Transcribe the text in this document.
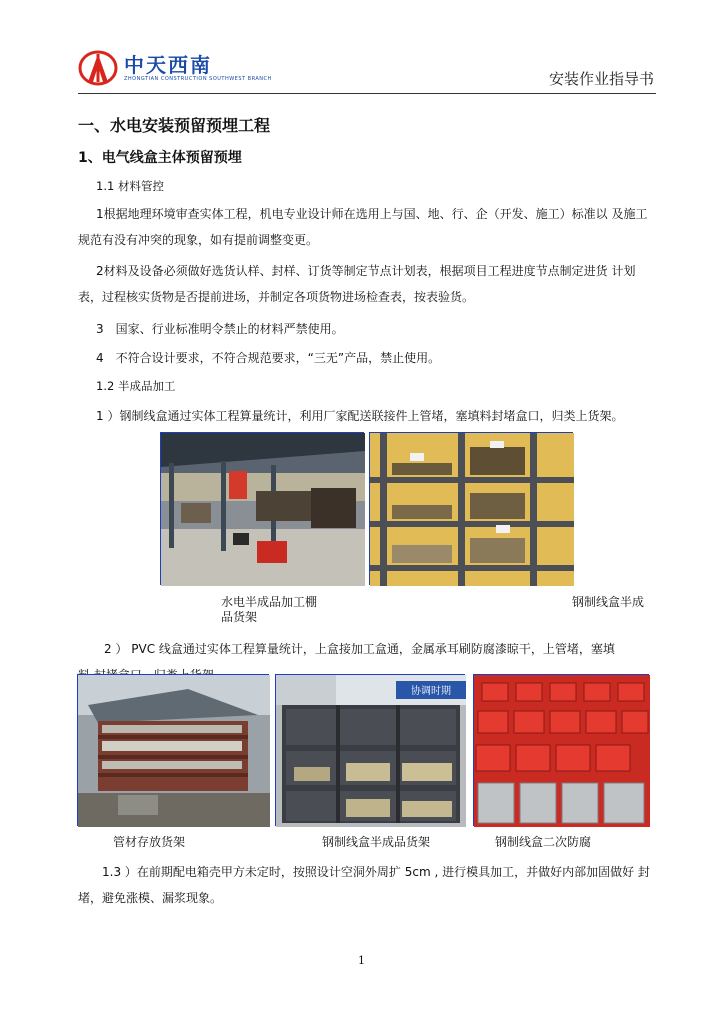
中天西南
ZHONGTIAN CONSTRUCTION SOUTHWEST BRANCH	安装作业指导书
一、水电安装预留预埋工程
1、电气线盒主体预留预埋
1.1 材料管控
1根据地理环境审查实体工程，机电专业设计师在选用上与国、地、行、企（开发、施工）标准以 及施工规范有没有冲突的现象，如有提前调整变更。
2材料及设备必须做好选货认样、封样、订货等制定节点计划表，根据项目工程进度节点制定进货 计划表，过程核实货物是否提前进场，并制定各项货物进场检查表，按表验货。
3　国家、行业标准明令禁止的材料严禁使用。
4　不符合设计要求，不符合规范要求，“三无”产品，禁止使用。
1.2 半成品加工
1 ）钢制线盒通过实体工程算量统计，利用厂家配送联接件上管堵，塞填料封堵盒口，归类上货架。
水电半成品加工棚	钢制线盒半成
品货架
2 ） PVC 线盒通过实体工程算量统计，上盒接加工盒通，金属承耳刷防腐漆晾干，上管堵，塞填
协调时期
管材存放货架	钢制线盒半成品货架	钢制线盒二次防腐
1.3 ）在前期配电箱壳甲方未定时，按照设计空洞外周扩 5cm , 进行模具加工，并做好内部加固做好 封 堵，避免涨模、漏浆现象。
1
